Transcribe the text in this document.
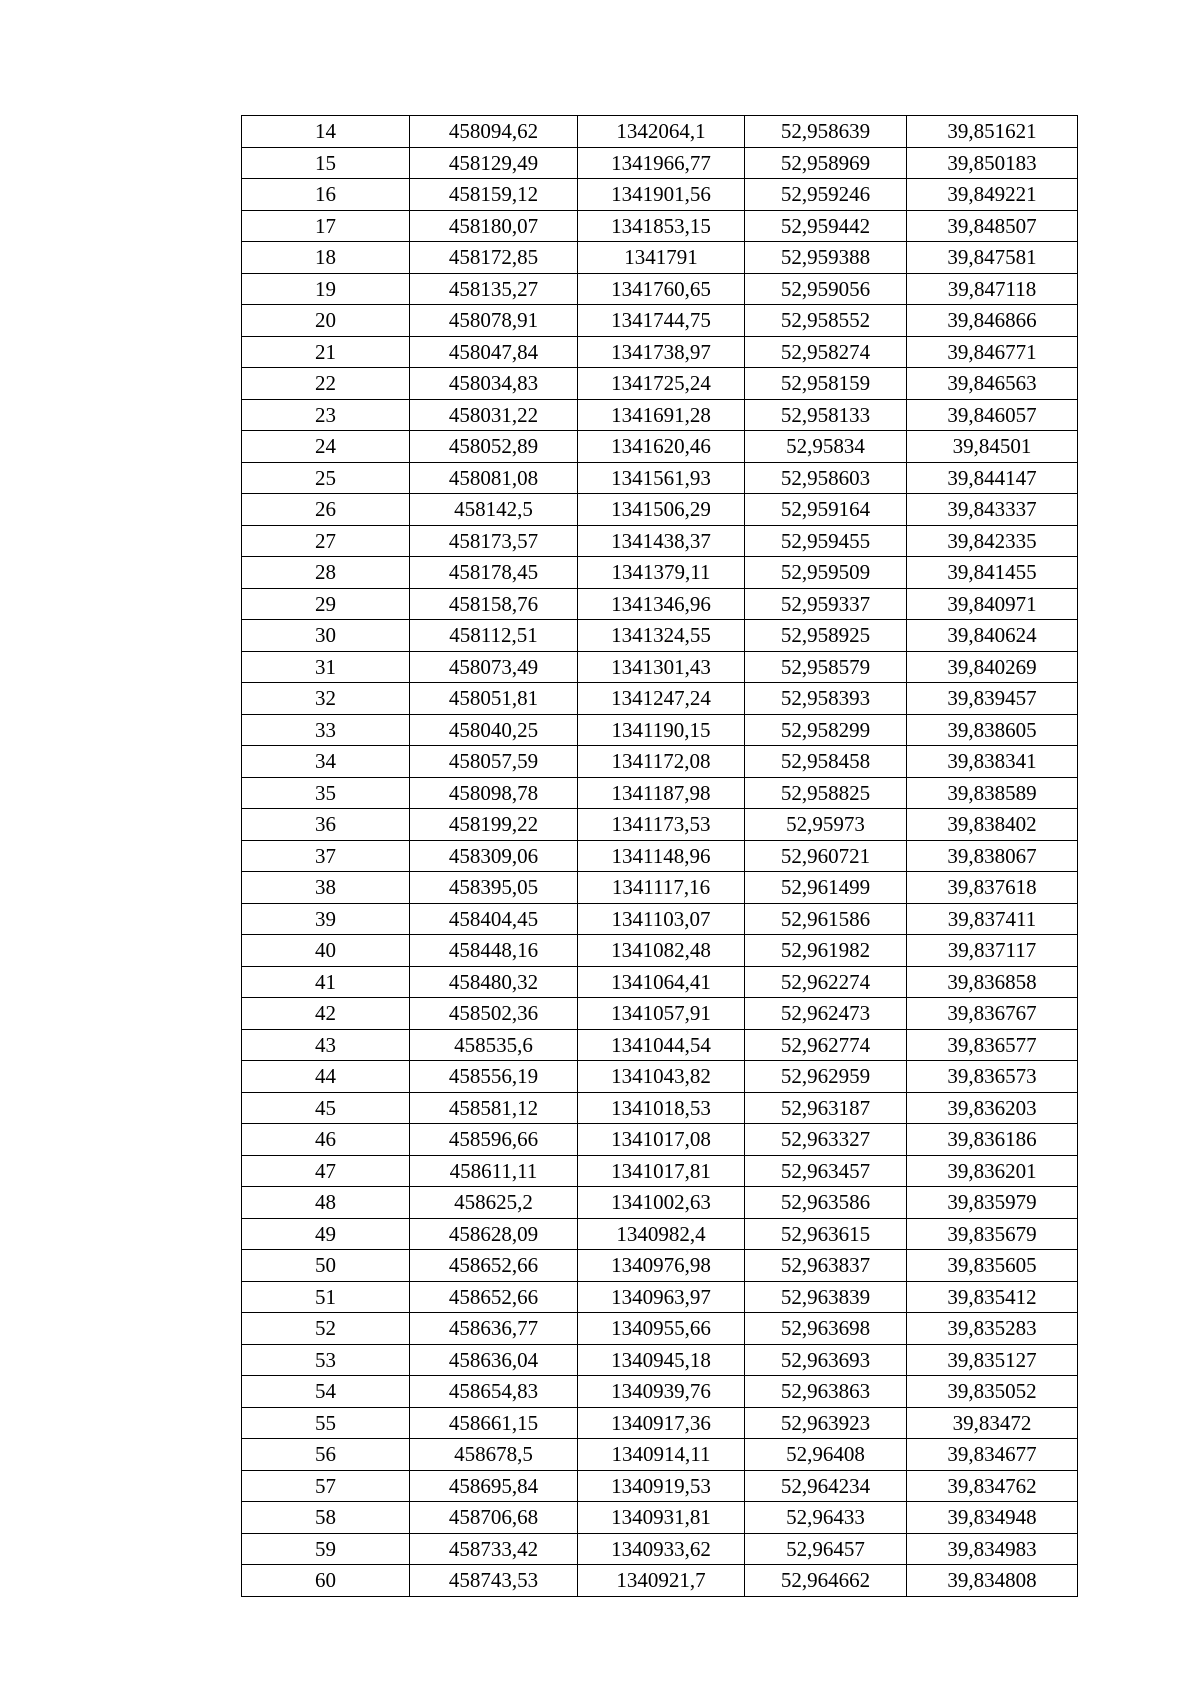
14	458094,62	1342064,1	52,958639	39,851621
15	458129,49	1341966,77	52,958969	39,850183
16	458159,12	1341901,56	52,959246	39,849221
17	458180,07	1341853,15	52,959442	39,848507
18	458172,85	1341791	52,959388	39,847581
19	458135,27	1341760,65	52,959056	39,847118
20	458078,91	1341744,75	52,958552	39,846866
21	458047,84	1341738,97	52,958274	39,846771
22	458034,83	1341725,24	52,958159	39,846563
23	458031,22	1341691,28	52,958133	39,846057
24	458052,89	1341620,46	52,95834	39,84501
25	458081,08	1341561,93	52,958603	39,844147
26	458142,5	1341506,29	52,959164	39,843337
27	458173,57	1341438,37	52,959455	39,842335
28	458178,45	1341379,11	52,959509	39,841455
29	458158,76	1341346,96	52,959337	39,840971
30	458112,51	1341324,55	52,958925	39,840624
31	458073,49	1341301,43	52,958579	39,840269
32	458051,81	1341247,24	52,958393	39,839457
33	458040,25	1341190,15	52,958299	39,838605
34	458057,59	1341172,08	52,958458	39,838341
35	458098,78	1341187,98	52,958825	39,838589
36	458199,22	1341173,53	52,95973	39,838402
37	458309,06	1341148,96	52,960721	39,838067
38	458395,05	1341117,16	52,961499	39,837618
39	458404,45	1341103,07	52,961586	39,837411
40	458448,16	1341082,48	52,961982	39,837117
41	458480,32	1341064,41	52,962274	39,836858
42	458502,36	1341057,91	52,962473	39,836767
43	458535,6	1341044,54	52,962774	39,836577
44	458556,19	1341043,82	52,962959	39,836573
45	458581,12	1341018,53	52,963187	39,836203
46	458596,66	1341017,08	52,963327	39,836186
47	458611,11	1341017,81	52,963457	39,836201
48	458625,2	1341002,63	52,963586	39,835979
49	458628,09	1340982,4	52,963615	39,835679
50	458652,66	1340976,98	52,963837	39,835605
51	458652,66	1340963,97	52,963839	39,835412
52	458636,77	1340955,66	52,963698	39,835283
53	458636,04	1340945,18	52,963693	39,835127
54	458654,83	1340939,76	52,963863	39,835052
55	458661,15	1340917,36	52,963923	39,83472
56	458678,5	1340914,11	52,96408	39,834677
57	458695,84	1340919,53	52,964234	39,834762
58	458706,68	1340931,81	52,96433	39,834948
59	458733,42	1340933,62	52,96457	39,834983
60	458743,53	1340921,7	52,964662	39,834808
